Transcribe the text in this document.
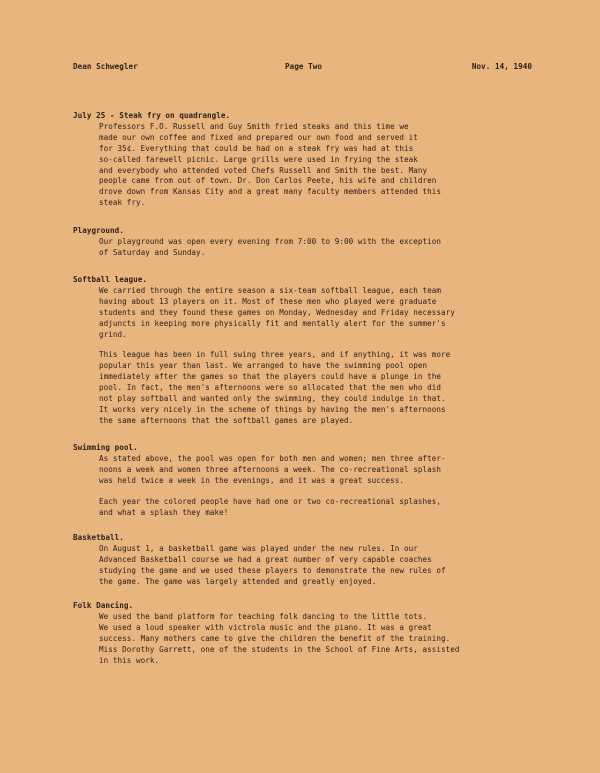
Dean Schwegler	Page Two	Nov. 14, 1940
July 25 - Steak fry on quadrangle.
Professors F.O. Russell and Guy Smith fried steaks and this time we
made our own coffee and fixed and prepared our own food and served it
for 35¢. Everything that could be had on a steak fry was had at this
so-called farewell picnic. Large grills were used in frying the steak
and everybody who attended voted Chefs Russell and Smith the best. Many
people came from out of town. Dr. Don Carlos Peete, his wife and children
drove down from Kansas City and a great many faculty members attended this
steak fry.
Playground.
Our playground was open every evening from 7:00 to 9:00 with the exception
of Saturday and Sunday.
Softball league.
We carried through the entire season a six-team softball league, each team
having about 13 players on it. Most of these men who played were graduate
students and they found these games on Monday, Wednesday and Friday necessary
adjuncts in keeping more physically fit and mentally alert for the summer's
grind.
This league has been in full swing three years, and if anything, it was more
popular this year than last. We arranged to have the swimming pool open
immediately after the games so that the players could have a plunge in the
pool. In fact, the men's afternoons were so allocated that the men who did
not play softball and wanted only the swimming, they could indulge in that.
It works very nicely in the scheme of things by having the men's afternoons
the same afternoons that the softball games are played.
Swimming pool.
As stated above, the pool was open for both men and women; men three after-
noons a week and women three afternoons a week. The co-recreational splash
was held twice a week in the evenings, and it was a great success.
Each year the colored people have had one or two co-recreational splashes,
and what a splash they make!
Basketball.
On August 1, a basketball game was played under the new rules. In our
Advanced Basketball course we had a great number of very capable coaches
studying the game and we used these players to demonstrate the new rules of
the game. The game was largely attended and greatly enjoyed.
Folk Dancing.
We used the band platform for teaching folk dancing to the little tots.
We used a loud speaker with victrola music and the piano. It was a great
success. Many mothers came to give the children the benefit of the training.
Miss Dorothy Garrett, one of the students in the School of Fine Arts, assisted
in this work.
